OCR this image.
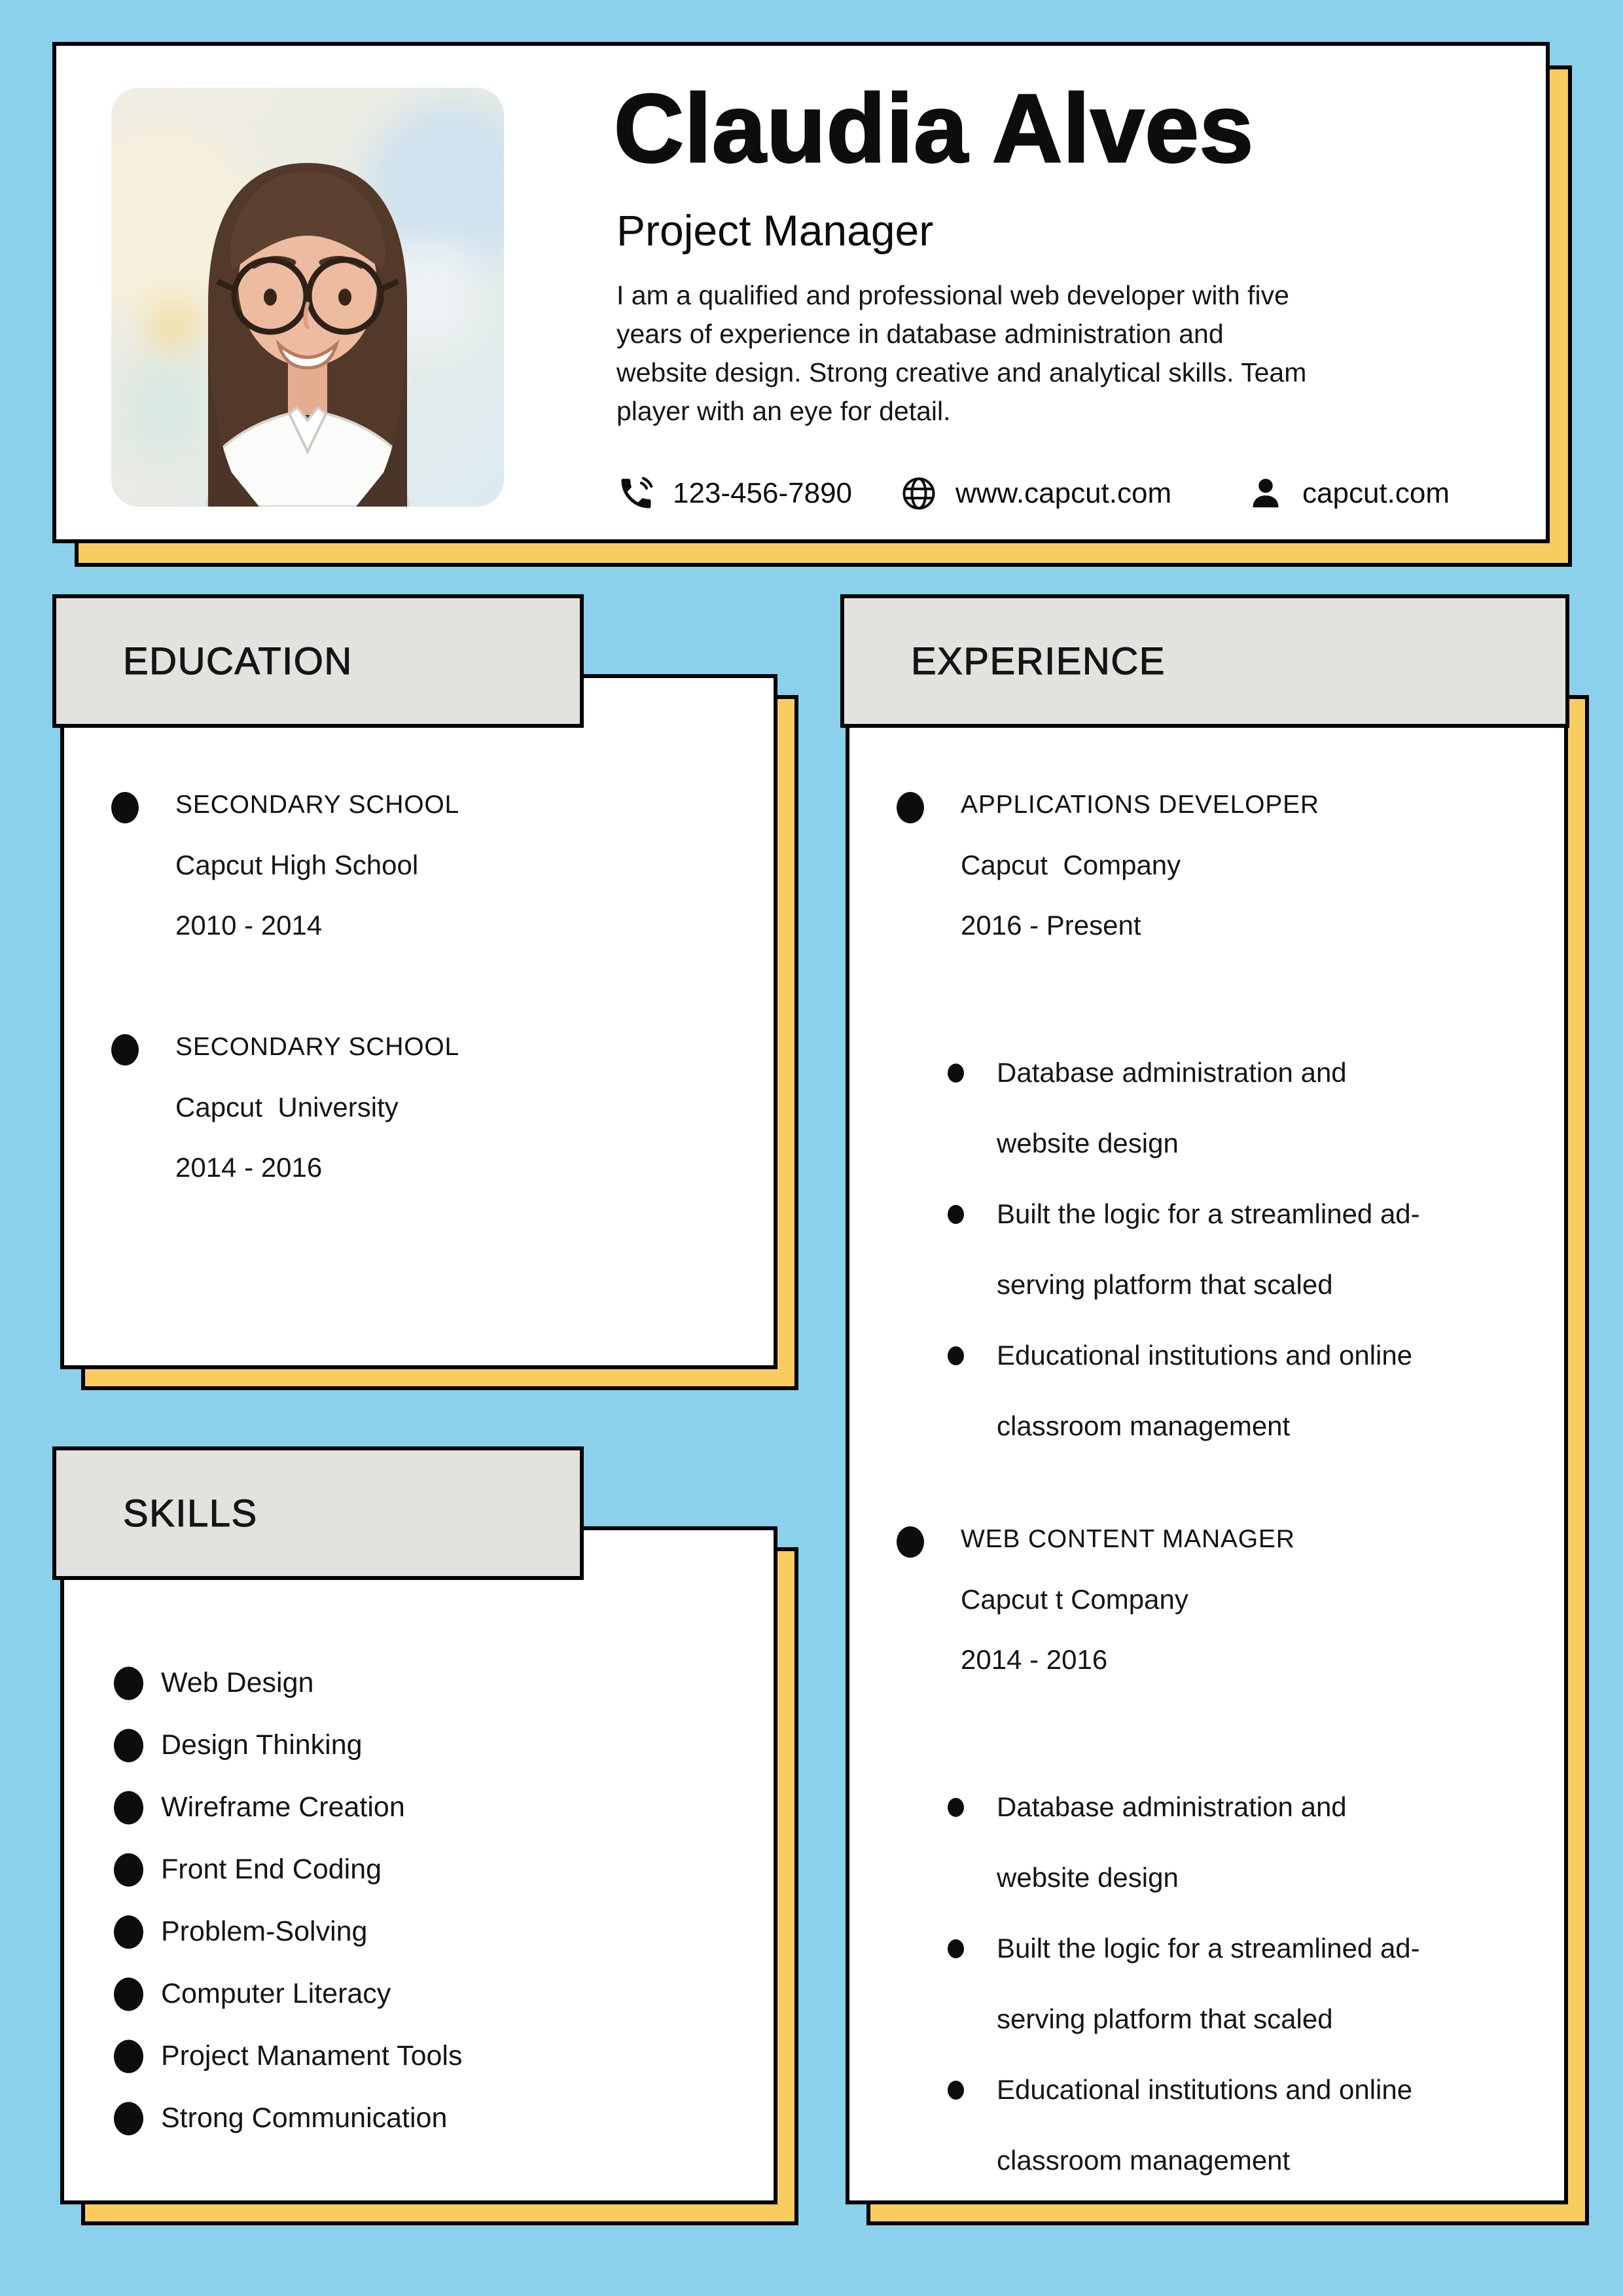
Claudia Alves
Project Manager
I am a qualified and professional web developer with five
years of experience in database administration and
website design. Strong creative and analytical skills. Team
player with an eye for detail.
123-456-7890	www.capcut.com	capcut.com
EDUCATION
SECONDARY SCHOOL
Capcut High School
2010 - 2014
SECONDARY SCHOOL
Capcut  University
2014 - 2016
SKILLS
Web Design
Design Thinking
Wireframe Creation
Front End Coding
Problem-Solving
Computer Literacy
Project Manament Tools
Strong Communication
EXPERIENCE
APPLICATIONS DEVELOPER
Capcut  Company
2016 - Present
Database administration and
website design
Built the logic for a streamlined ad-
serving platform that scaled
Educational institutions and online
classroom management
WEB CONTENT MANAGER
Capcut t Company
2014 - 2016
Database administration and
website design
Built the logic for a streamlined ad-
serving platform that scaled
Educational institutions and online
classroom management
